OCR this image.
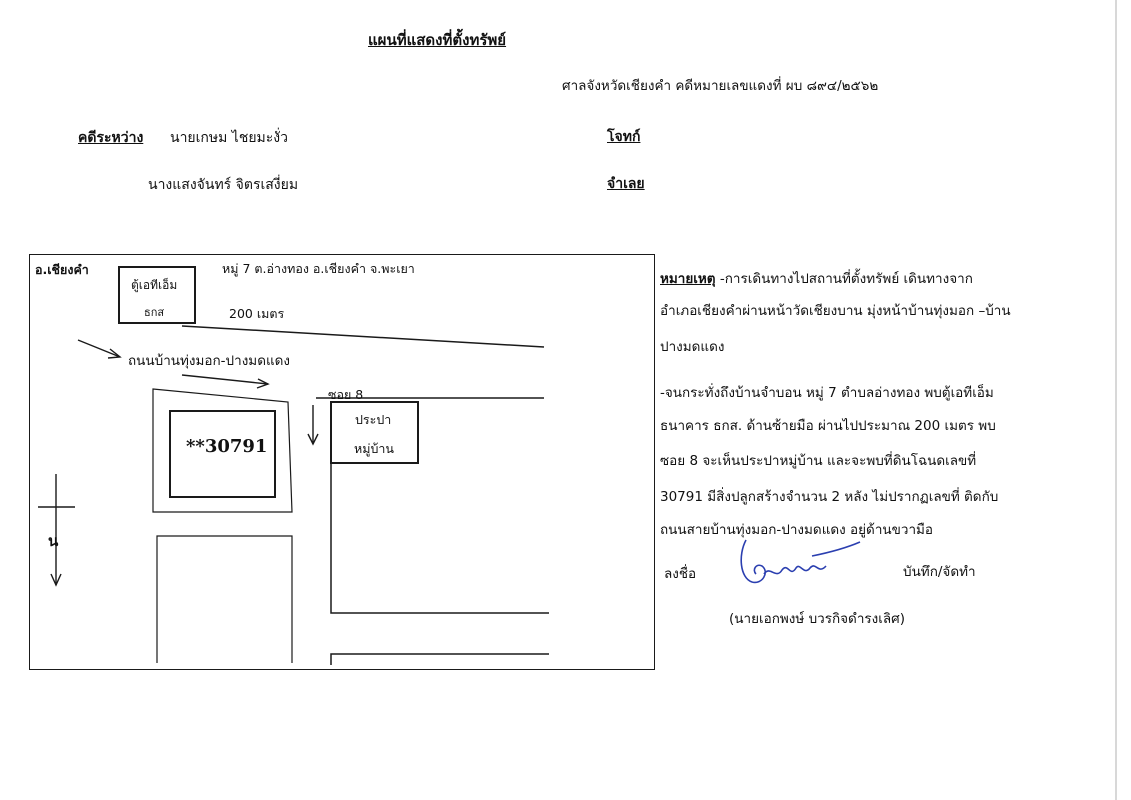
แผนที่แสดงที่ตั้งทรัพย์
ศาลจังหวัดเชียงคำ คดีหมายเลขแดงที่ ผบ ๘๙๔/๒๕๖๒
คดีระหว่าง นายเกษม ไชยมะงั่ว	โจทก์
นางแสงจันทร์ จิตรเสงี่ยม	จำเลย
อ.เชียงคำ	หมู่ 7 ต.อ่างทอง อ.เชียงคำ จ.พะเยา
ตู้เอทีเอ็ม
ธกส	200 เมตร
ถนนบ้านทุ่งมอก-ปางมดแดง
ซอย 8
ประปา
หมู่บ้าน
**30791
น
หมายเหตุ -การเดินทางไปสถานที่ตั้งทรัพย์ เดินทางจาก
อำเภอเชียงคำผ่านหน้าวัดเชียงบาน มุ่งหน้าบ้านทุ่งมอก –บ้าน
ปางมดแดง
-จนกระทั่งถึงบ้านจำบอน หมู่ 7 ตำบลอ่างทอง พบตู้เอทีเอ็ม
ธนาคาร ธกส. ด้านซ้ายมือ ผ่านไปประมาณ 200 เมตร พบ
ซอย 8 จะเห็นประปาหมู่บ้าน และจะพบที่ดินโฉนดเลขที่
30791 มีสิ่งปลูกสร้างจำนวน 2 หลัง ไม่ปรากฏเลขที่ ติดกับ
ถนนสายบ้านทุ่งมอก-ปางมดแดง อยู่ด้านขวามือ
ลงชื่อ	บันทึก/จัดทำ
(นายเอกพงษ์ บวรกิจดำรงเลิศ)
